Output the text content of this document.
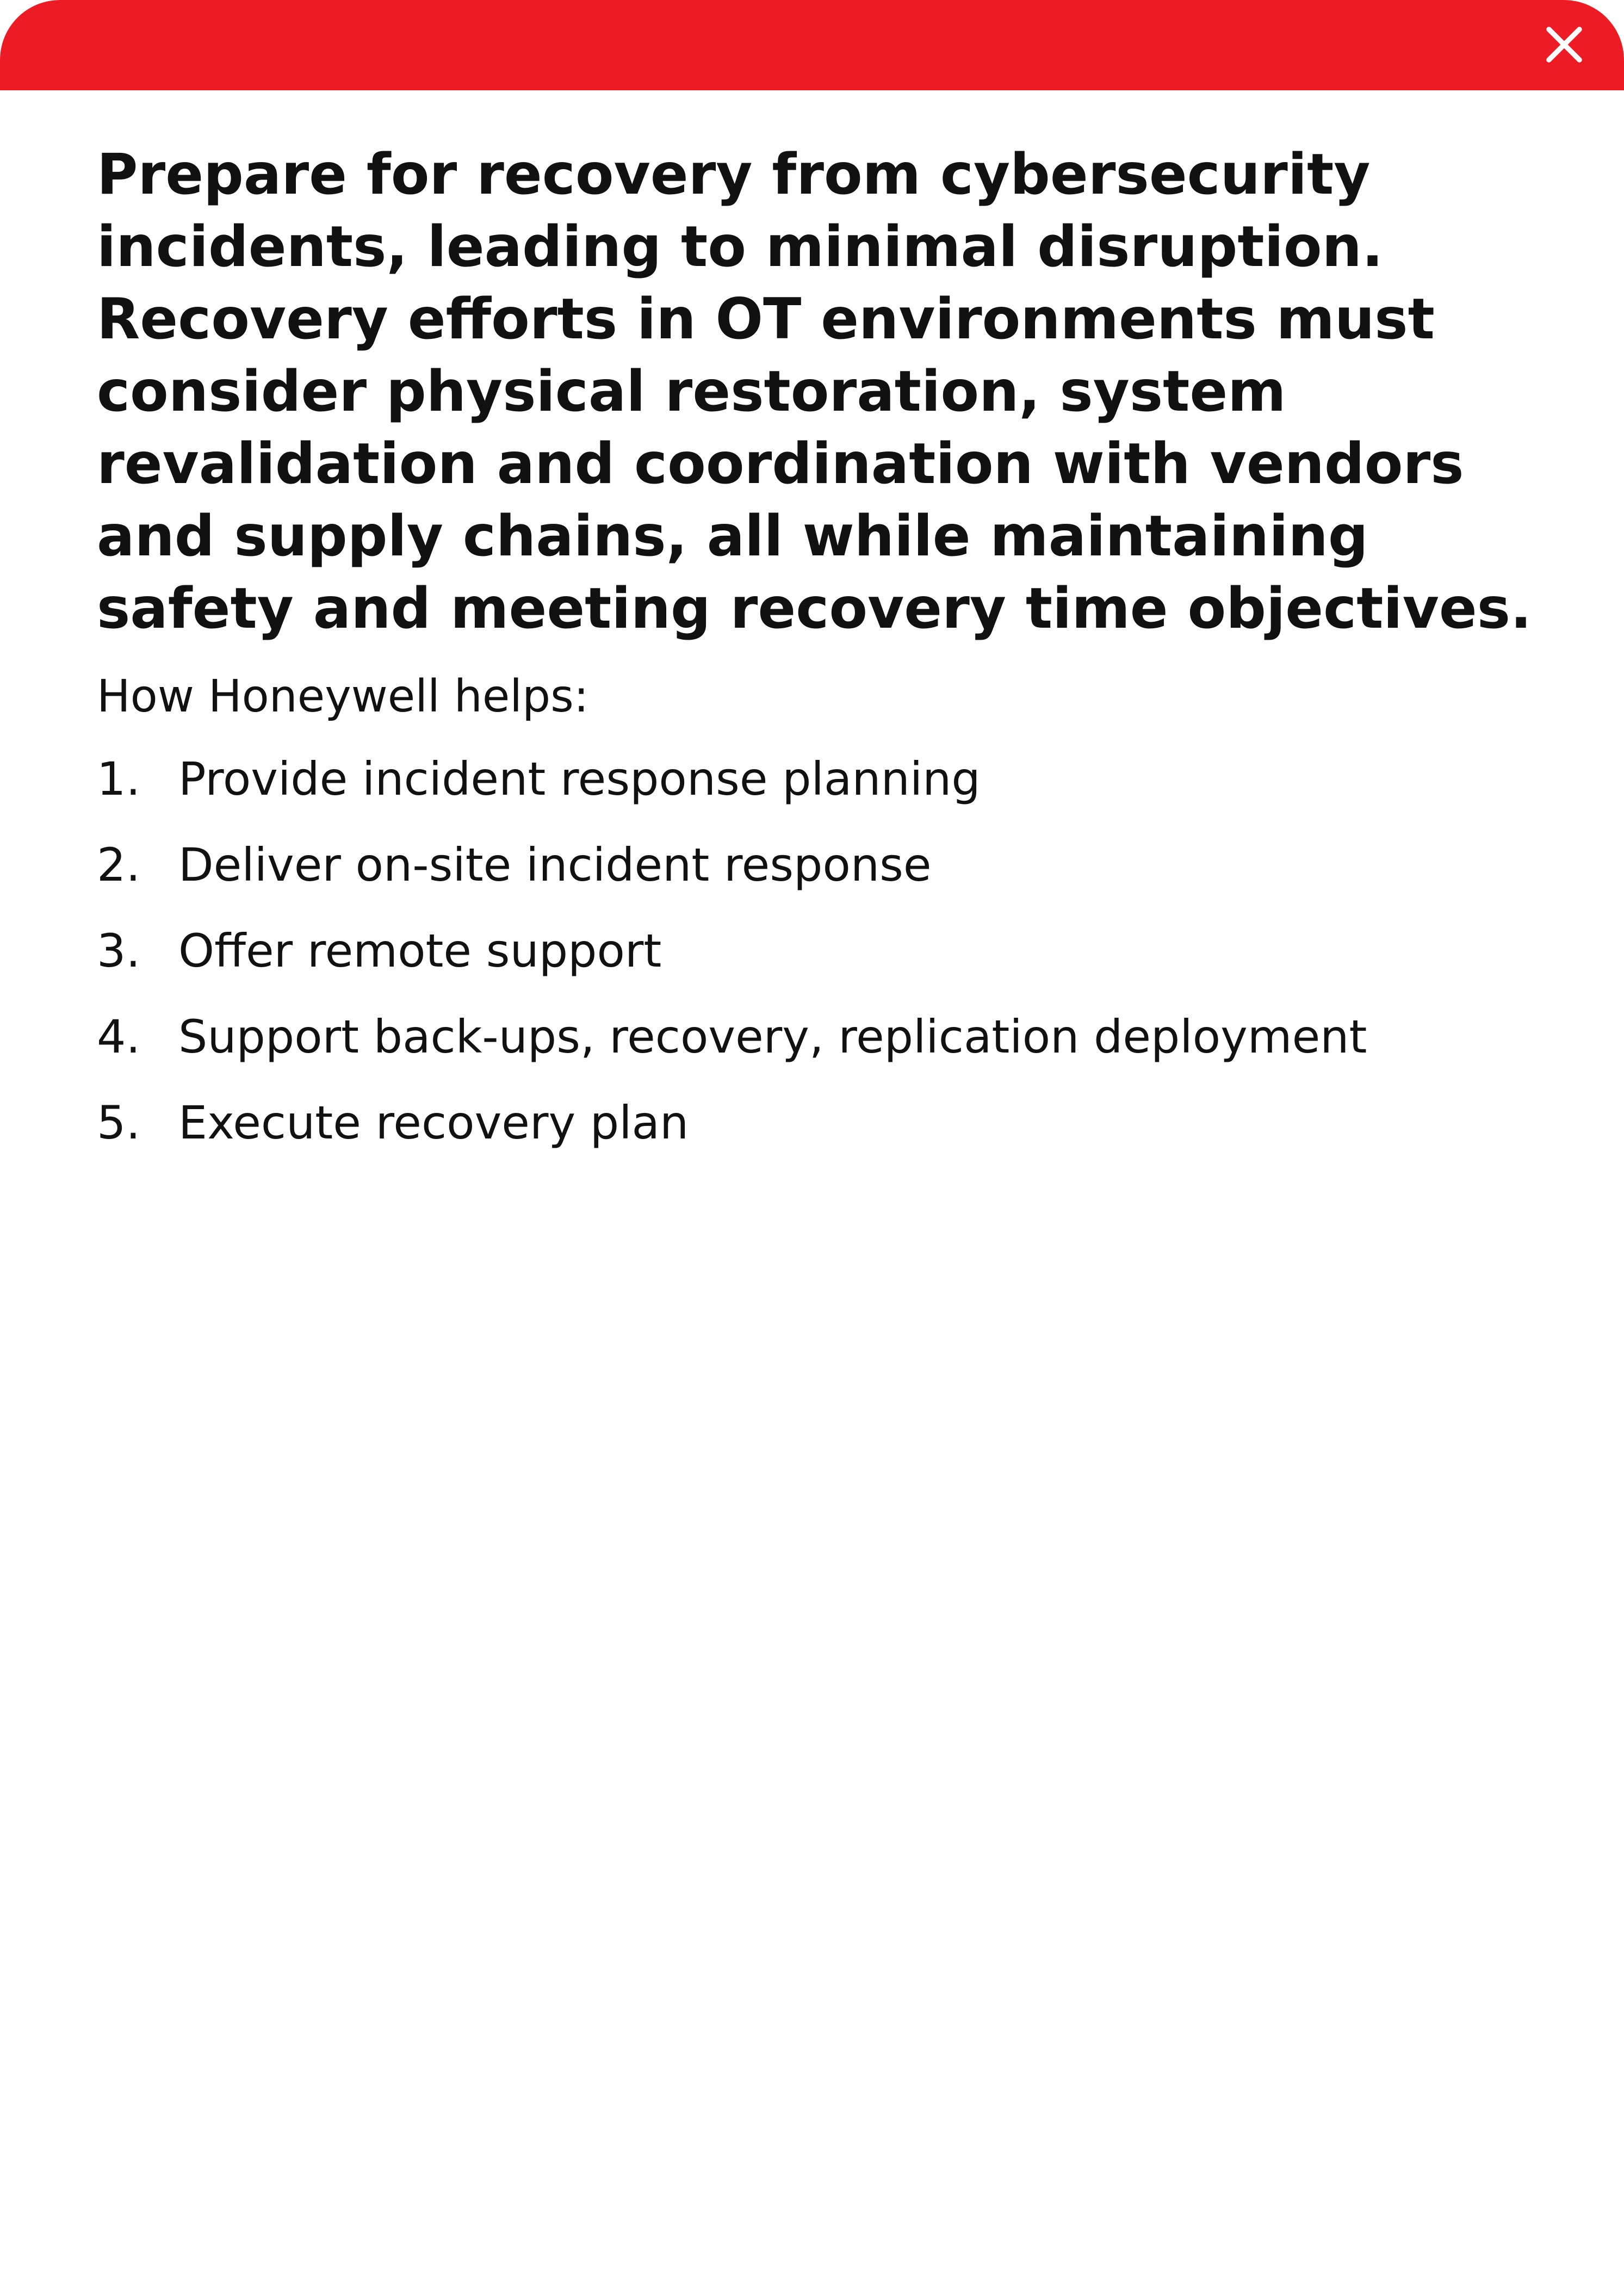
Prepare for recovery from cybersecurity incidents, leading to minimal disruption. Recovery efforts in OT environments must consider physical restoration, system revalidation and coordination with vendors and supply chains, all while maintaining safety and meeting recovery time objectives.

How Honeywell helps:

1. Provide incident response planning
2. Deliver on-site incident response
3. Offer remote support
4. Support back-ups, recovery, replication deployment
5. Execute recovery plan
